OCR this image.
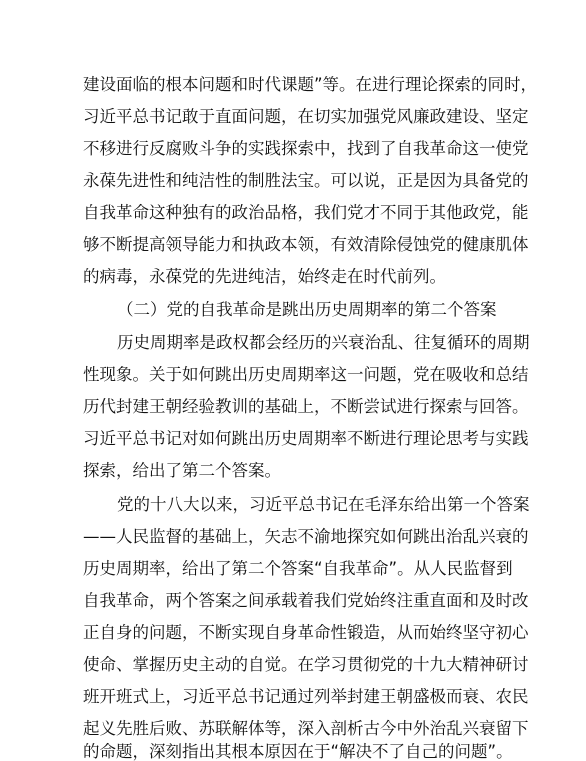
建设面临的根本问题和时代课题”等。在进行理论探索的同时，
习近平总书记敢于直面问题，在切实加强党风廉政建设、坚定
不移进行反腐败斗争的实践探索中，找到了自我革命这一使党
永葆先进性和纯洁性的制胜法宝。可以说，正是因为具备党的
自我革命这种独有的政治品格，我们党才不同于其他政党，能
够不断提高领导能力和执政本领，有效清除侵蚀党的健康肌体
的病毒，永葆党的先进纯洁，始终走在时代前列。
（二）党的自我革命是跳出历史周期率的第二个答案
历史周期率是政权都会经历的兴衰治乱、往复循环的周期
性现象。关于如何跳出历史周期率这一问题，党在吸收和总结
历代封建王朝经验教训的基础上，不断尝试进行探索与回答。
习近平总书记对如何跳出历史周期率不断进行理论思考与实践
探索，给出了第二个答案。
党的十八大以来，习近平总书记在毛泽东给出第一个答案
——人民监督的基础上，矢志不渝地探究如何跳出治乱兴衰的
历史周期率，给出了第二个答案“自我革命”。从人民监督到
自我革命，两个答案之间承载着我们党始终注重直面和及时改
正自身的问题，不断实现自身革命性锻造，从而始终坚守初心
使命、掌握历史主动的自觉。在学习贯彻党的十九大精神研讨
班开班式上，习近平总书记通过列举封建王朝盛极而衰、农民
起义先胜后败、苏联解体等，深入剖析古今中外治乱兴衰留下
的命题，深刻指出其根本原因在于“解决不了自己的问题”。
